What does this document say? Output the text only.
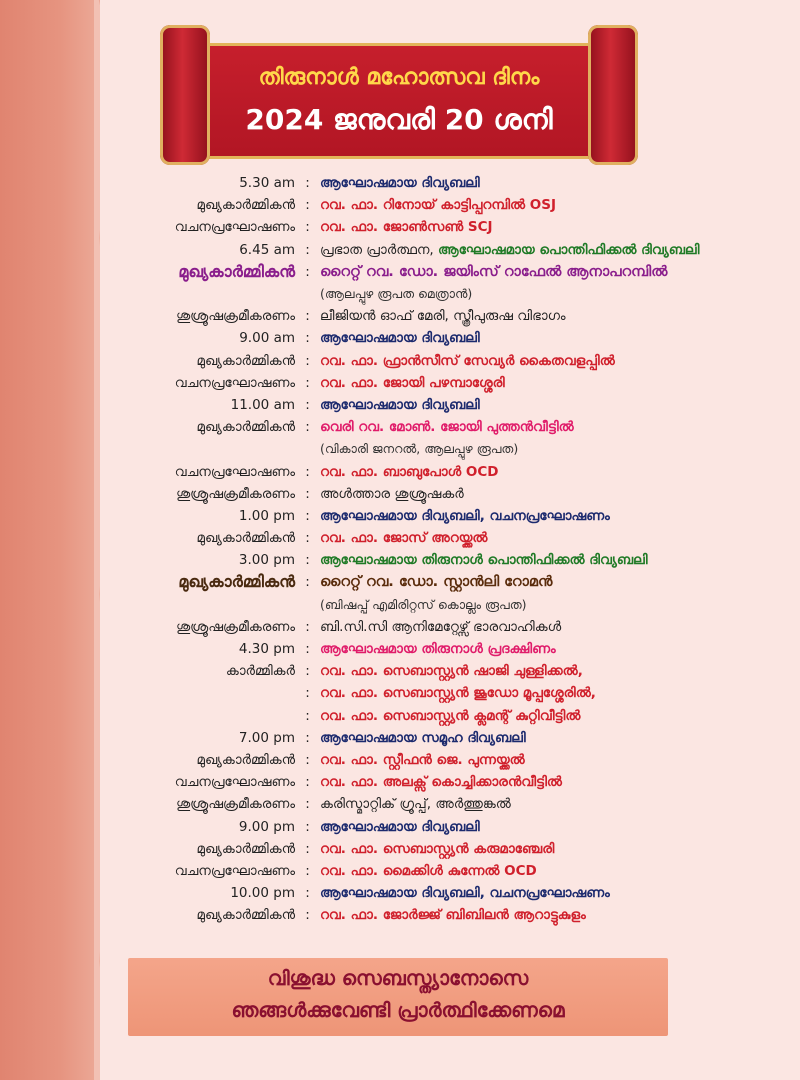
തിരുനാൾ മഹോത്സവ ദിനം
2024 ജനുവരി 20 ശനി
5.30 am : ആഘോഷമായ ദിവ്യബലി
മുഖ്യകാർമ്മികൻ : റവ. ഫാ. റിനോയ് കാട്ടിപ്പറമ്പിൽ OSJ
വചനപ്രഘോഷണം : റവ. ഫാ. ജോൺസൺ SCJ
6.45 am : പ്രഭാത പ്രാർത്ഥന, ആഘോഷമായ പൊന്തിഫിക്കൽ ദിവ്യബലി
മുഖ്യകാർമ്മികൻ : റൈറ്റ് റവ. ഡോ. ജയിംസ് റാഫേൽ ആനാപറമ്പിൽ
(ആലപ്പുഴ രൂപത മെത്രാൻ)
ശുശ്രൂഷക്രമീകരണം : ലീജിയൻ ഓഫ് മേരി, സ്ത്രീപുരുഷ വിഭാഗം
9.00 am : ആഘോഷമായ ദിവ്യബലി
മുഖ്യകാർമ്മികൻ : റവ. ഫാ. ഫ്രാൻസീസ് സേവ്യർ കൈതവളപ്പിൽ
വചനപ്രഘോഷണം : റവ. ഫാ. ജോയി പഴമ്പാശ്ശേരി
11.00 am : ആഘോഷമായ ദിവ്യബലി
മുഖ്യകാർമ്മികൻ : വെരി റവ. മോൺ. ജോയി പുത്തൻവീട്ടിൽ
(വികാരി ജനറൽ, ആലപ്പുഴ രൂപത)
വചനപ്രഘോഷണം : റവ. ഫാ. ബാബുപോൾ OCD
ശുശ്രൂഷക്രമീകരണം : അൾത്താര ശുശ്രൂഷകർ
1.00 pm : ആഘോഷമായ ദിവ്യബലി, വചനപ്രഘോഷണം
മുഖ്യകാർമ്മികൻ : റവ. ഫാ. ജോസ് അറയ്ക്കൽ
3.00 pm : ആഘോഷമായ തിരുനാൾ പൊന്തിഫിക്കൽ ദിവ്യബലി
മുഖ്യകാർമ്മികൻ : റൈറ്റ് റവ. ഡോ. സ്റ്റാൻലി റോമൻ
(ബിഷപ്പ് എമിരിറ്റസ് കൊല്ലം രൂപത)
ശുശ്രൂഷക്രമീകരണം : ബി.സി.സി ആനിമേറ്റേഴ്സ് ഭാരവാഹികൾ
4.30 pm : ആഘോഷമായ തിരുനാൾ പ്രദക്ഷിണം
കാർമ്മികർ : റവ. ഫാ. സെബാസ്റ്റ്യൻ ഷാജി ചുള്ളിക്കൽ,
: റവ. ഫാ. സെബാസ്റ്റ്യൻ ജൂഡോ മൂപ്പശ്ശേരിൽ,
: റവ. ഫാ. സെബാസ്റ്റ്യൻ ക്ലമന്റ് കുറ്റിവീട്ടിൽ
7.00 pm : ആഘോഷമായ സമൂഹ ദിവ്യബലി
മുഖ്യകാർമ്മികൻ : റവ. ഫാ. സ്റ്റീഫൻ ജെ. പുന്നയ്ക്കൽ
വചനപ്രഘോഷണം : റവ. ഫാ. അലക്സ് കൊച്ചിക്കാരൻവീട്ടിൽ
ശുശ്രൂഷക്രമീകരണം : കരിസ്മാറ്റിക് ഗ്രൂപ്പ്, അർത്തുങ്കൽ
9.00 pm : ആഘോഷമായ ദിവ്യബലി
മുഖ്യകാർമ്മികൻ : റവ. ഫാ. സെബാസ്റ്റ്യൻ കരുമാഞ്ചേരി
വചനപ്രഘോഷണം : റവ. ഫാ. മൈക്കിൾ കുന്നേൽ OCD
10.00 pm : ആഘോഷമായ ദിവ്യബലി, വചനപ്രഘോഷണം
മുഖ്യകാർമ്മികൻ : റവ. ഫാ. ജോർജ്ജ് ബിബിലൻ ആറാട്ടുകുളം
വിശുദ്ധ സെബസ്ത്യാനോസെ
ഞങ്ങൾക്കുവേണ്ടി പ്രാർത്ഥിക്കേണമെ
